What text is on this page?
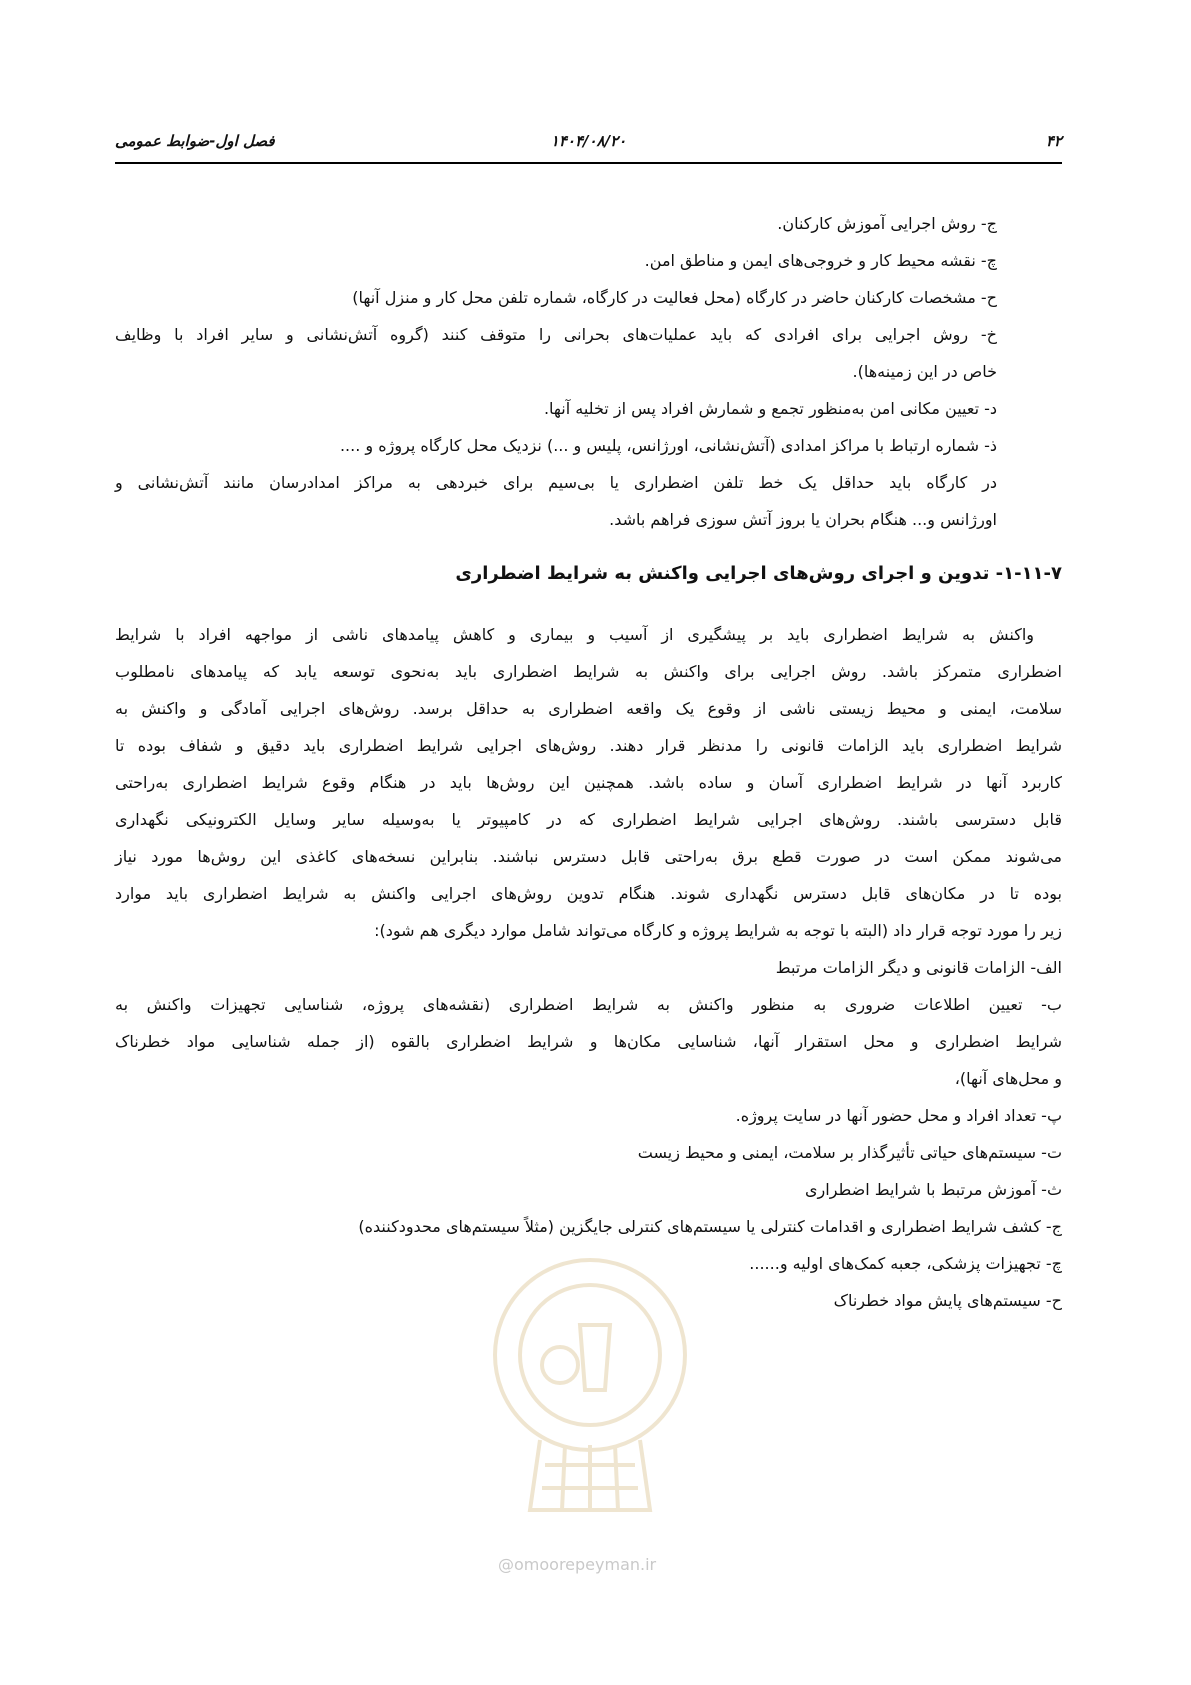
۴۲
۱۴۰۴/۰۸/۲۰
فصل اول-ضوابط عمومی
ج- روش اجرایی آموزش کارکنان.
چ- نقشه محیط کار و خروجی‌های ایمن و مناطق امن.
ح- مشخصات کارکنان حاضر در کارگاه (محل فعالیت در کارگاه، شماره تلفن محل کار و منزل آنها)
خ- روش اجرایی برای افرادی که باید عملیات‌های بحرانی را متوقف کنند (گروه آتش‌نشانی و سایر افراد با وظایف
خاص در این زمینه‌ها).
د- تعیین مکانی امن به‌منظور تجمع و شمارش افراد پس از تخلیه آنها.
ذ- شماره ارتباط با مراکز امدادی (آتش‌نشانی، اورژانس، پلیس و ...) نزدیک محل کارگاه پروژه و ....
در کارگاه باید حداقل یک خط تلفن اضطراری یا بی‌سیم برای خبردهی به مراکز امدادرسان مانند آتش‌نشانی و
اورژانس و... هنگام بحران یا بروز آتش سوزی فراهم باشد.
۱-۱۱-۷- تدوین و اجرای روش‌های اجرایی واکنش به شرایط اضطراری
واکنش به شرایط اضطراری باید بر پیشگیری از آسیب و بیماری و کاهش پیامدهای ناشی از مواجهه افراد با شرایط
اضطراری متمرکز باشد. روش اجرایی برای واکنش به شرایط اضطراری باید به‌نحوی توسعه یابد که پیامدهای نامطلوب
سلامت، ایمنی و محیط زیستی ناشی از وقوع یک واقعه اضطراری به حداقل برسد. روش‌های اجرایی آمادگی و واکنش به
شرایط اضطراری باید الزامات قانونی را مدنظر قرار دهند. روش‌های اجرایی شرایط اضطراری باید دقیق و شفاف بوده تا
کاربرد آنها در شرایط اضطراری آسان و ساده باشد. همچنین این روش‌ها باید در هنگام وقوع شرایط اضطراری به‌راحتی
قابل دسترسی باشند. روش‌های اجرایی شرایط اضطراری که در کامپیوتر یا به‌وسیله سایر وسایل الکترونیکی نگهداری
می‌شوند ممکن است در صورت قطع برق به‌راحتی قابل دسترس نباشند. بنابراین نسخه‌های کاغذی این روش‌ها مورد نیاز
بوده تا در مکان‌های قابل دسترس نگهداری شوند. هنگام تدوین روش‌های اجرایی واکنش به شرایط اضطراری باید موارد
زیر را مورد توجه قرار داد (البته با توجه به شرایط پروژه و کارگاه می‌تواند شامل موارد دیگری هم شود):
الف- الزامات قانونی و دیگر الزامات مرتبط
ب- تعیین اطلاعات ضروری به منظور واکنش به شرایط اضطراری (نقشه‌های پروژه، شناسایی تجهیزات واکنش به
شرایط اضطراری و محل استقرار آنها، شناسایی مکان‌ها و شرایط اضطراری بالقوه (از جمله شناسایی مواد خطرناک
و محل‌های آنها)،
پ- تعداد افراد و محل حضور آنها در سایت پروژه.
ت- سیستم‌های حیاتی تأثیرگذار بر سلامت، ایمنی و محیط زیست
ث- آموزش مرتبط با شرایط اضطراری
ج- کشف شرایط اضطراری و اقدامات کنترلی یا سیستم‌های کنترلی جایگزین (مثلاً سیستم‌های محدودکننده)
چ- تجهیزات پزشکی، جعبه کمک‌های اولیه و......
ح- سیستم‌های پایش مواد خطرناک
@omoorepeyman.ir
